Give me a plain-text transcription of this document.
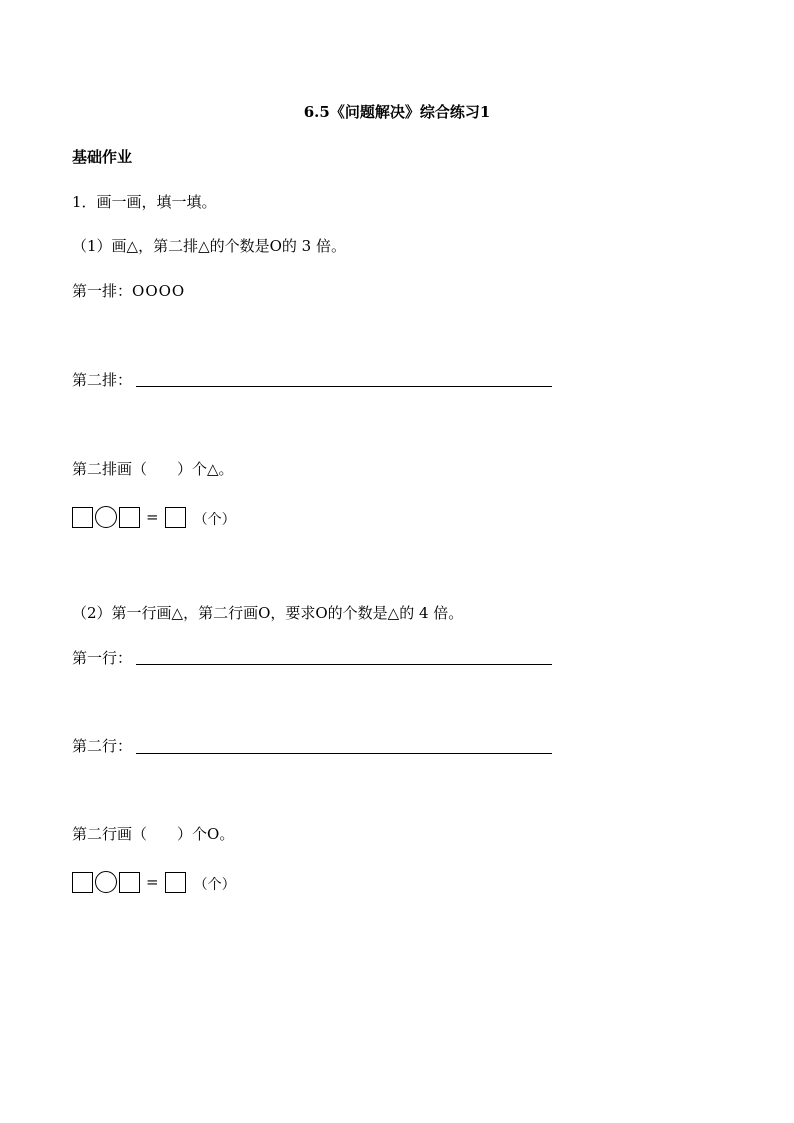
6.5《问题解决》综合练习1
基础作业
1．画一画，填一填。
（1）画△，第二排△的个数是O的 3 倍。
第一排：OOOO
第二排：
第二排画（ ）个△。
=	（个）
（2）第一行画△，第二行画O，要求O的个数是△的 4 倍。
第一行：
第二行：
第二行画（ ）个O。
=	（个）
